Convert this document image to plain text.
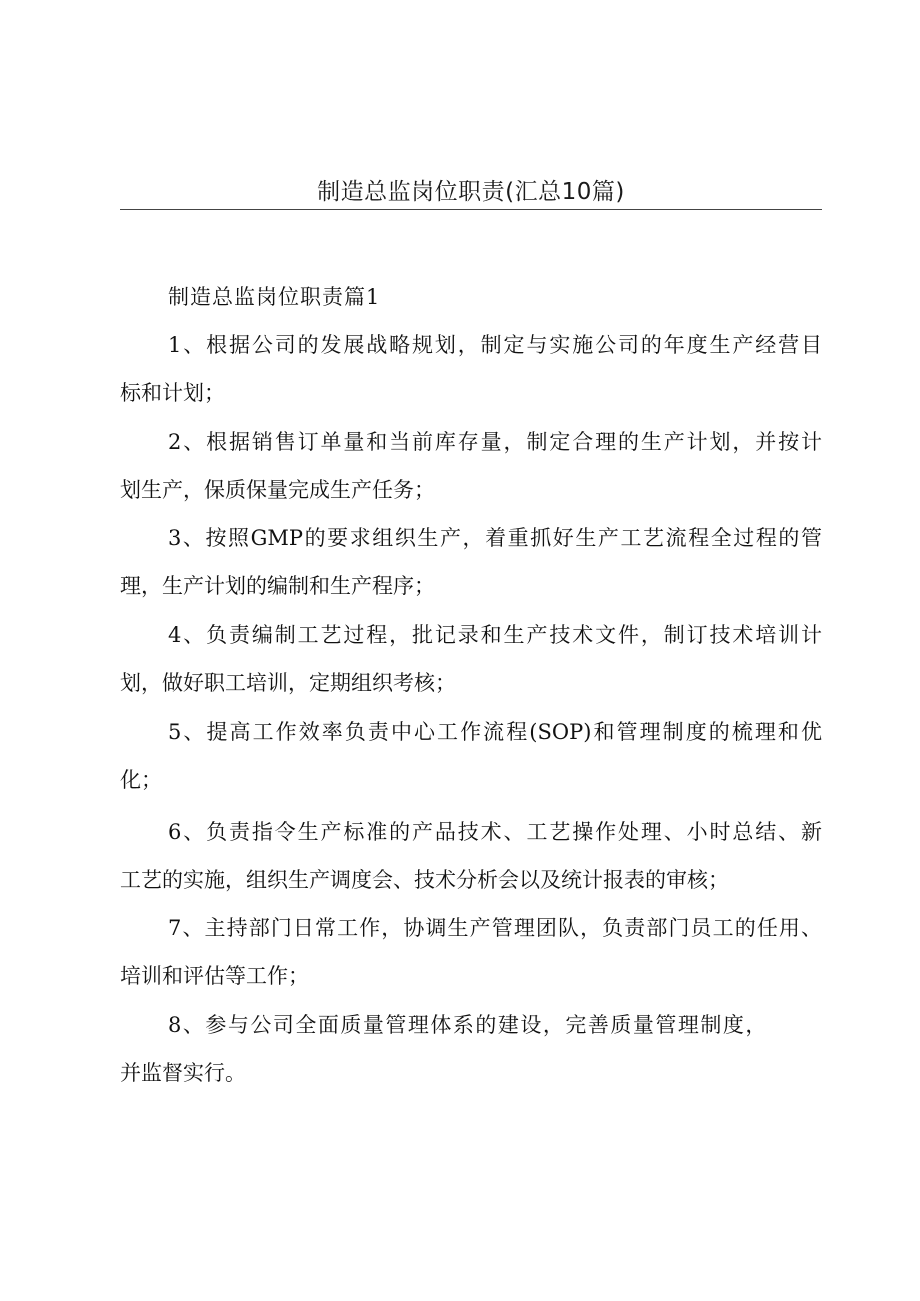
制造总监岗位职责(汇总10篇)
制造总监岗位职责篇1
1、根据公司的发展战略规划，制定与实施公司的年度生产经营目
标和计划；
2、根据销售订单量和当前库存量，制定合理的生产计划，并按计
划生产，保质保量完成生产任务；
3、按照GMP的要求组织生产，着重抓好生产工艺流程全过程的管
理，生产计划的编制和生产程序；
4、负责编制工艺过程，批记录和生产技术文件，制订技术培训计
划，做好职工培训，定期组织考核；
5、提高工作效率负责中心工作流程(SOP)和管理制度的梳理和优
化；
6、负责指令生产标准的产品技术、工艺操作处理、小时总结、新
工艺的实施，组织生产调度会、技术分析会以及统计报表的审核；
7、主持部门日常工作，协调生产管理团队，负责部门员工的任用、
培训和评估等工作；
8、参与公司全面质量管理体系的建设，完善质量管理制度，
并监督实行。
